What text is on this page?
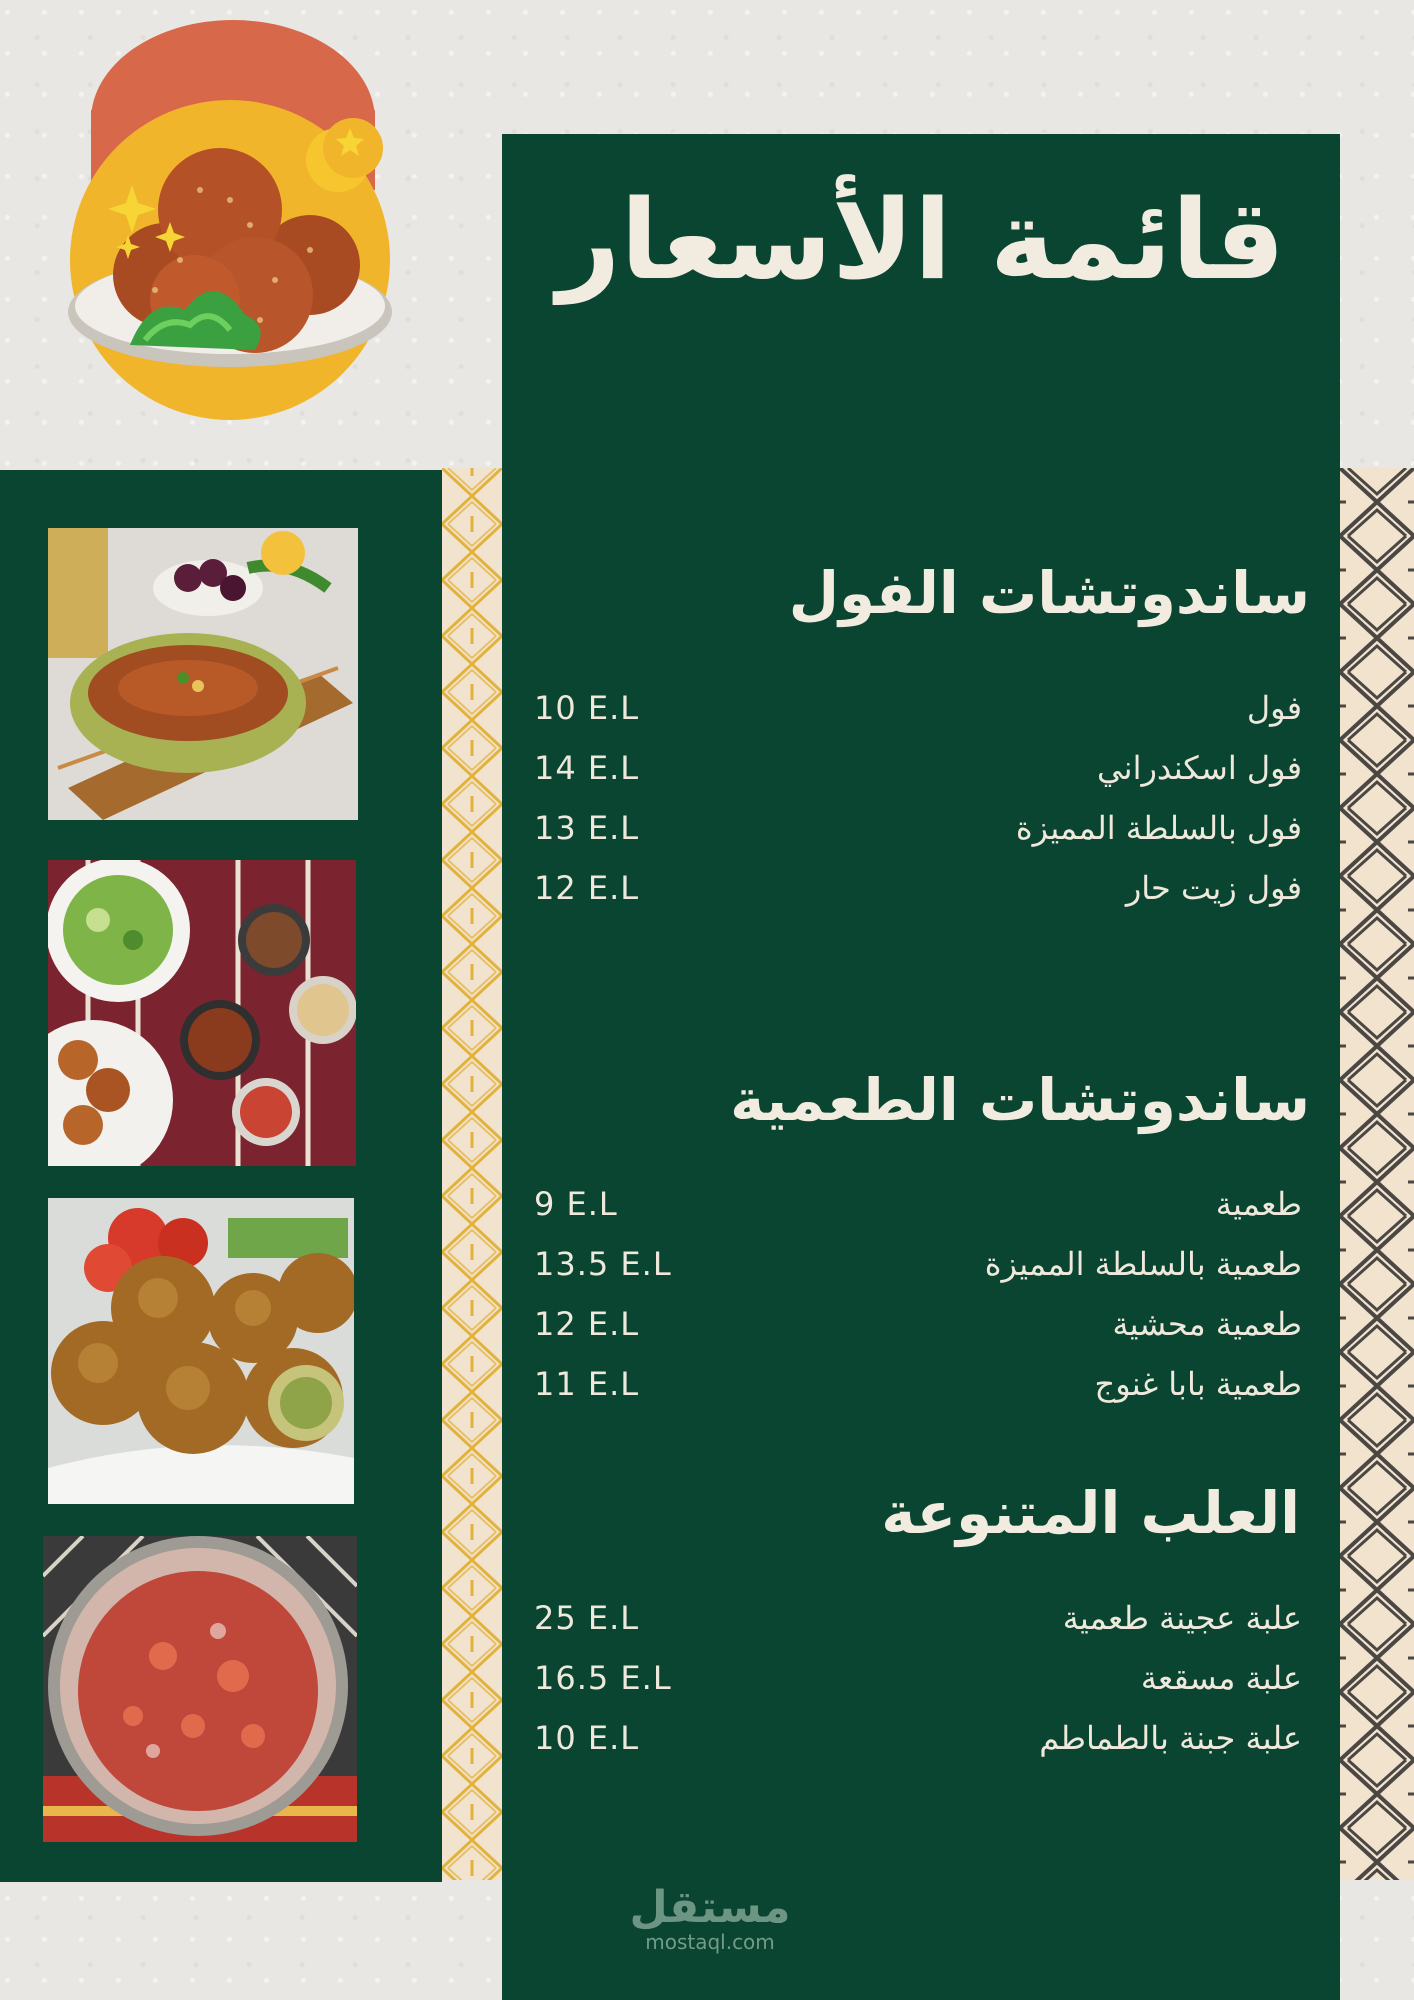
قائمة الأسعار
ساندوتشات الفول
فول
10 E.L
فول اسكندراني
14 E.L
فول بالسلطة المميزة
13 E.L
فول زيت حار
12 E.L
ساندوتشات الطعمية
طعمية
9 E.L
طعمية بالسلطة المميزة
13.5 E.L
طعمية محشية
12 E.L
طعمية بابا غنوج
11 E.L
العلب المتنوعة
علبة عجينة طعمية
25 E.L
علبة مسقعة
16.5 E.L
علبة جبنة بالطماطم
10 E.L
مستقل
mostaql.com
